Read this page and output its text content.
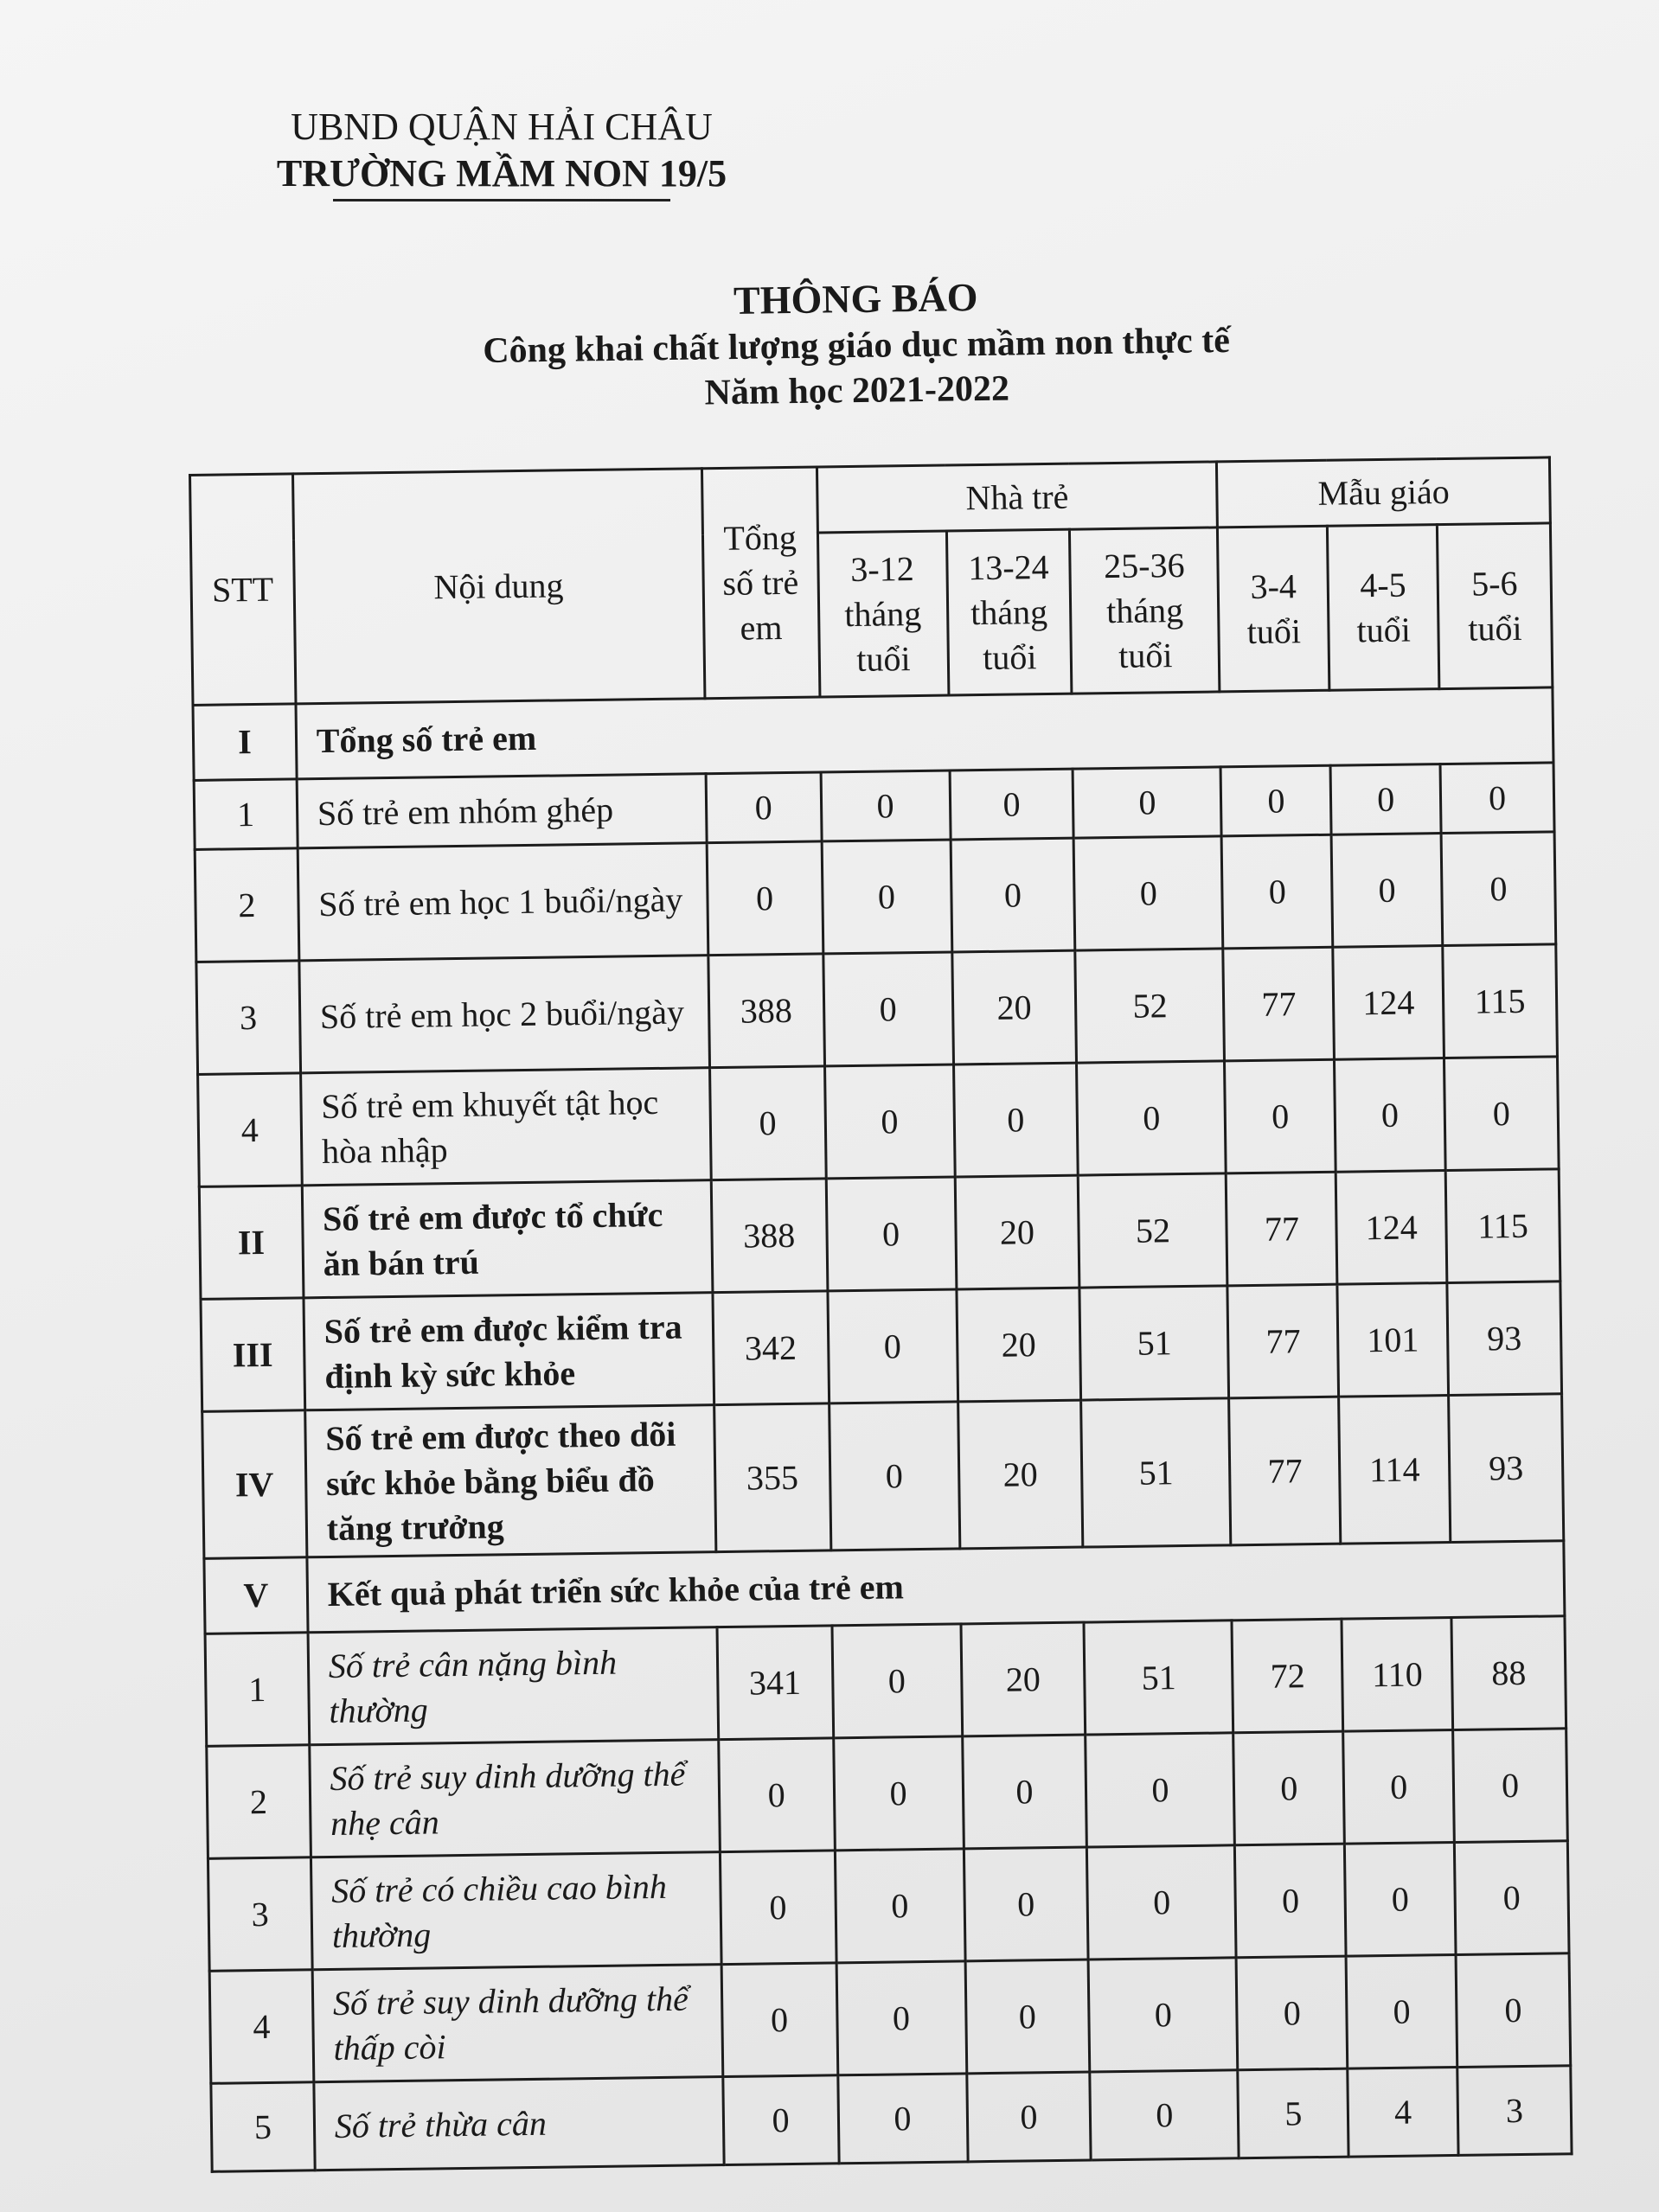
UBND QUẬN HẢI CHÂU
TRƯỜNG MẦM NON 19/5
THÔNG BÁO
Công khai chất lượng giáo dục mầm non thực tế
Năm học 2021-2022
STT	Nội dung	Tổng số trẻ em	Nhà trẻ			Mẫu giáo		
			3-12 tháng tuổi	13-24 tháng tuổi	25-36 tháng tuổi	3-4 tuổi	4-5 tuổi	5-6 tuổi
I	Tổng số trẻ em							
1	Số trẻ em nhóm ghép	0	0	0	0	0	0	0
2	Số trẻ em học 1 buổi/ngày	0	0	0	0	0	0	0
3	Số trẻ em học 2 buổi/ngày	388	0	20	52	77	124	115
4	Số trẻ em khuyết tật học hòa nhập	0	0	0	0	0	0	0
II	Số trẻ em được tổ chức ăn bán trú	388	0	20	52	77	124	115
III	Số trẻ em được kiểm tra định kỳ sức khỏe	342	0	20	51	77	101	93
IV	Số trẻ em được theo dõi sức khỏe bằng biểu đồ tăng trưởng	355	0	20	51	77	114	93
V	Kết quả phát triển sức khỏe của trẻ em							
1	Số trẻ cân nặng bình thường	341	0	20	51	72	110	88
2	Số trẻ suy dinh dưỡng thể nhẹ cân	0	0	0	0	0	0	0
3	Số trẻ có chiều cao bình thường	0	0	0	0	0	0	0
4	Số trẻ suy dinh dưỡng thể thấp còi	0	0	0	0	0	0	0
5	Số trẻ thừa cân	0	0	0	0	5	4	3
